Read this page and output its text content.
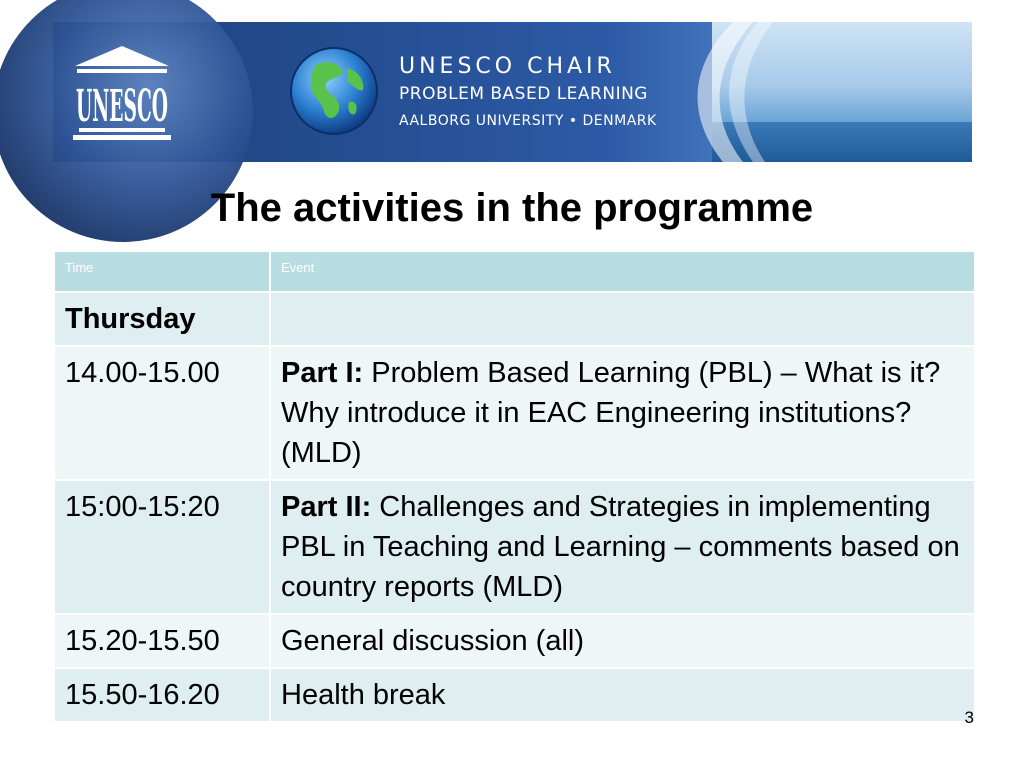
UNESCO
UNESCO CHAIR
PROBLEM BASED LEARNING
AALBORG UNIVERSITY • DENMARK
The activities in the programme
Time	Event
Thursday	
14.00-15.00	Part I: Problem Based Learning (PBL) – What is it? Why introduce it in EAC Engineering institutions? (MLD)
15:00-15:20	Part II: Challenges and Strategies in implementing PBL in Teaching and Learning – comments based on country reports (MLD)
15.20-15.50	General discussion (all)
15.50-16.20	Health break
3
